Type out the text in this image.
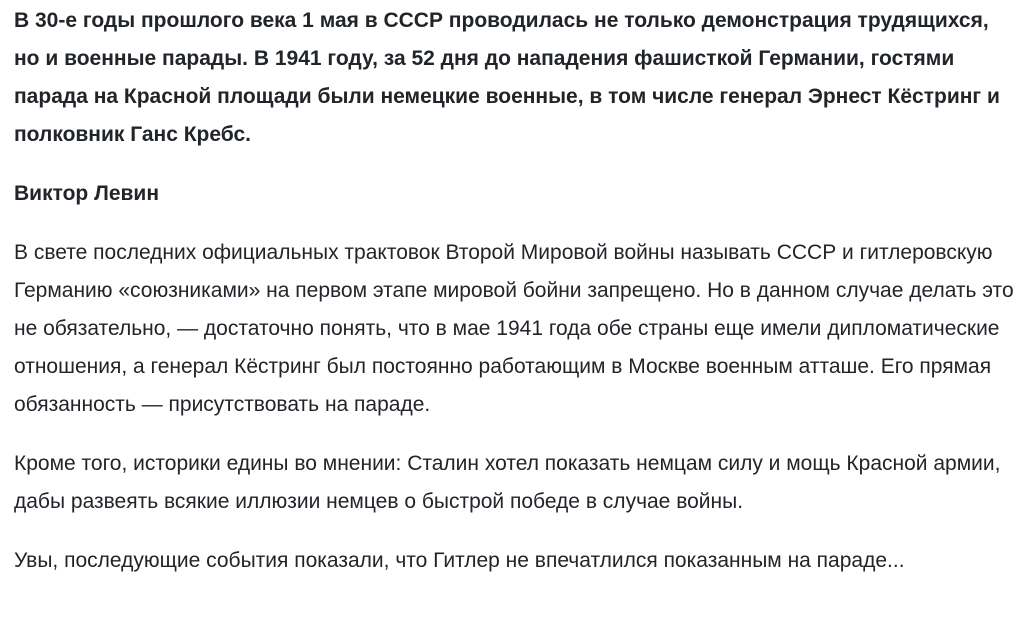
В 30-е годы прошлого века 1 мая в СССР проводилась не только демонстрация трудящихся, но и военные парады. В 1941 году, за 52 дня до нападения фашисткой Германии, гостями парада на Красной площади были немецкие военные, в том числе генерал Эрнест Кёстринг и полковник Ганс Кребс.

Виктор Левин

В свете последних официальных трактовок Второй Мировой войны называть СССР и гитлеровскую Германию «союзниками» на первом этапе мировой бойни запрещено. Но в данном случае делать это не обязательно, — достаточно понять, что в мае 1941 года обе страны еще имели дипломатические отношения, а генерал Кёстринг был постоянно работающим в Москве военным атташе. Его прямая обязанность — присутствовать на параде.

Кроме того, историки едины во мнении: Сталин хотел показать немцам силу и мощь Красной армии, дабы развеять всякие иллюзии немцев о быстрой победе в случае войны.

Увы, последующие события показали, что Гитлер не впечатлился показанным на параде...
